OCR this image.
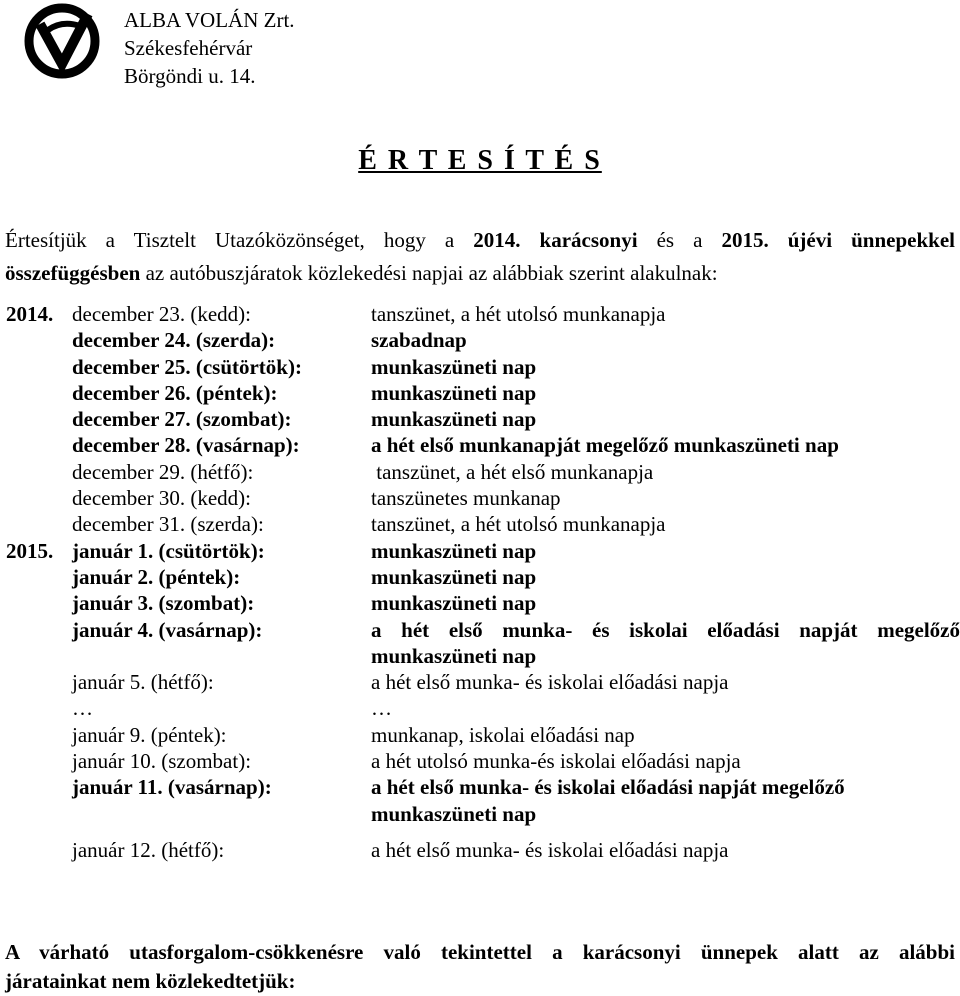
ALBA VOLÁN Zrt.
Székesfehérvár
Börgöndi u. 14.
É R T E S Í T É S
Értesítjük a Tisztelt Utazóközönséget, hogy a 2014. karácsonyi és a 2015. újévi ünnepekkel
összefüggésben az autóbuszjáratok közlekedési napjai az alábbiak szerint alakulnak:
2014. december 23. (kedd):	tanszünet, a hét utolsó munkanapja
december 24. (szerda):	szabadnap
december 25. (csütörtök):	munkaszüneti nap
december 26. (péntek):	munkaszüneti nap
december 27. (szombat):	munkaszüneti nap
december 28. (vasárnap):	a hét első munkanapját megelőző munkaszüneti nap
december 29. (hétfő):	tanszünet, a hét első munkanapja
december 30. (kedd):	tanszünetes munkanap
december 31. (szerda):	tanszünet, a hét utolsó munkanapja
2015. január 1. (csütörtök):	munkaszüneti nap
január 2. (péntek):	munkaszüneti nap
január 3. (szombat):	munkaszüneti nap
január 4. (vasárnap):	a hét első munka- és iskolai előadási napját megelőző
munkaszüneti nap
január 5. (hétfő):	a hét első munka- és iskolai előadási napja
…	…
január 9. (péntek):	munkanap, iskolai előadási nap
január 10. (szombat):	a hét utolsó munka-és iskolai előadási napja
január 11. (vasárnap):	a hét első munka- és iskolai előadási napját megelőző
munkaszüneti nap
január 12. (hétfő):	a hét első munka- és iskolai előadási napja
A várható utasforgalom-csökkenésre való tekintettel a karácsonyi ünnepek alatt az alábbi
járatainkat nem közlekedtetjük:
